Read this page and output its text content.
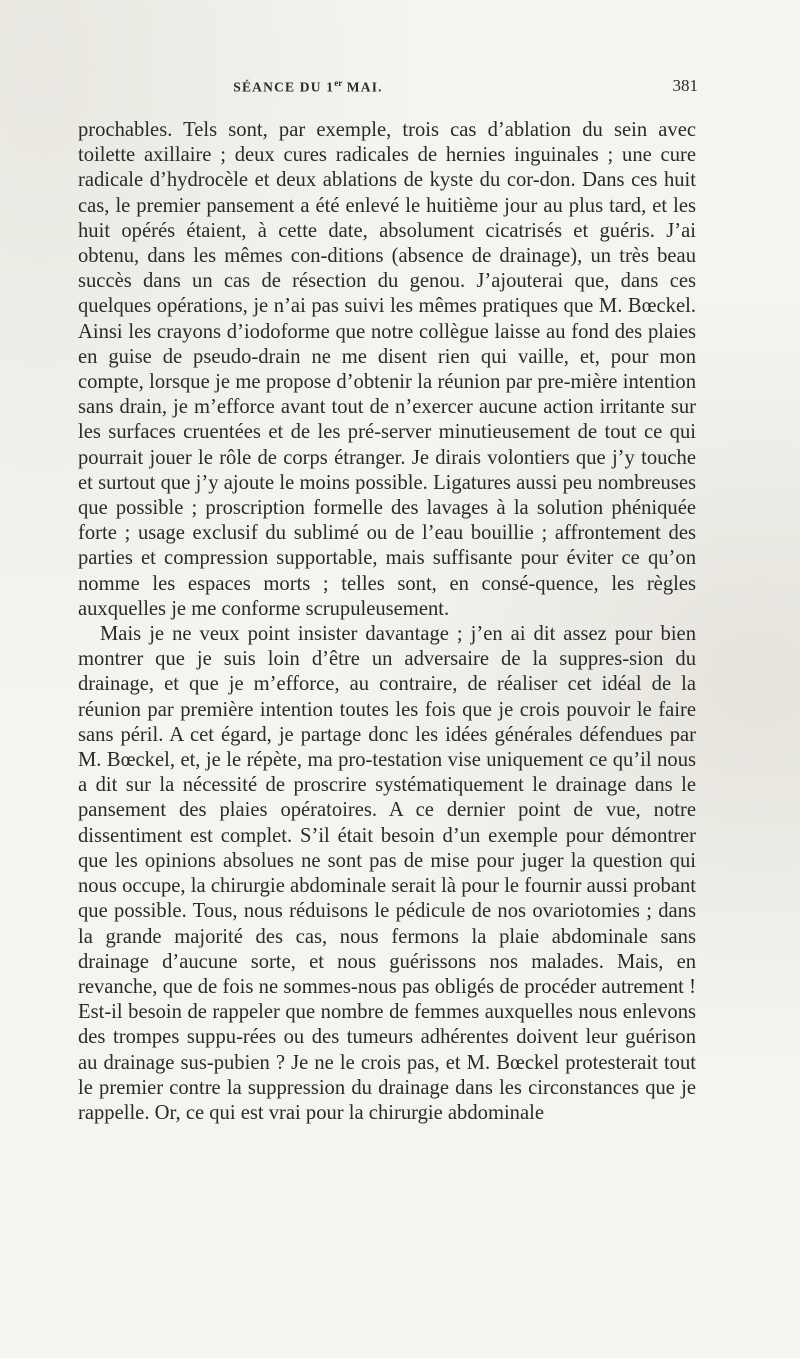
SÉANCE DU 1er MAI.	381

prochables. Tels sont, par exemple, trois cas d’ablation du sein avec toilette axillaire ; deux cures radicales de hernies inguinales ; une cure radicale d’hydrocèle et deux ablations de kyste du cor-don. Dans ces huit cas, le premier pansement a été enlevé le huitième jour au plus tard, et les huit opérés étaient, à cette date, absolument cicatrisés et guéris. J’ai obtenu, dans les mêmes con-ditions (absence de drainage), un très beau succès dans un cas de résection du genou. J’ajouterai que, dans ces quelques opérations, je n’ai pas suivi les mêmes pratiques que M. Bœckel. Ainsi les crayons d’iodoforme que notre collègue laisse au fond des plaies en guise de pseudo-drain ne me disent rien qui vaille, et, pour mon compte, lorsque je me propose d’obtenir la réunion par pre-mière intention sans drain, je m’efforce avant tout de n’exercer aucune action irritante sur les surfaces cruentées et de les pré-server minutieusement de tout ce qui pourrait jouer le rôle de corps étranger. Je dirais volontiers que j’y touche et surtout que j’y ajoute le moins possible. Ligatures aussi peu nombreuses que possible ; proscription formelle des lavages à la solution phéniquée forte ; usage exclusif du sublimé ou de l’eau bouillie ; affrontement des parties et compression supportable, mais suffisante pour éviter ce qu’on nomme les espaces morts ; telles sont, en consé-quence, les règles auxquelles je me conforme scrupuleusement.

Mais je ne veux point insister davantage ; j’en ai dit assez pour bien montrer que je suis loin d’être un adversaire de la suppres-sion du drainage, et que je m’efforce, au contraire, de réaliser cet idéal de la réunion par première intention toutes les fois que je crois pouvoir le faire sans péril. A cet égard, je partage donc les idées générales défendues par M. Bœckel, et, je le répète, ma pro-testation vise uniquement ce qu’il nous a dit sur la nécessité de proscrire systématiquement le drainage dans le pansement des plaies opératoires. A ce dernier point de vue, notre dissentiment est complet. S’il était besoin d’un exemple pour démontrer que les opinions absolues ne sont pas de mise pour juger la question qui nous occupe, la chirurgie abdominale serait là pour le fournir aussi probant que possible. Tous, nous réduisons le pédicule de nos ovariotomies ; dans la grande majorité des cas, nous fermons la plaie abdominale sans drainage d’aucune sorte, et nous guérissons nos malades. Mais, en revanche, que de fois ne sommes-nous pas obligés de procéder autrement ! Est-il besoin de rappeler que nombre de femmes auxquelles nous enlevons des trompes suppu-rées ou des tumeurs adhérentes doivent leur guérison au drainage sus-pubien ? Je ne le crois pas, et M. Bœckel protesterait tout le premier contre la suppression du drainage dans les circonstances que je rappelle. Or, ce qui est vrai pour la chirurgie abdominale
